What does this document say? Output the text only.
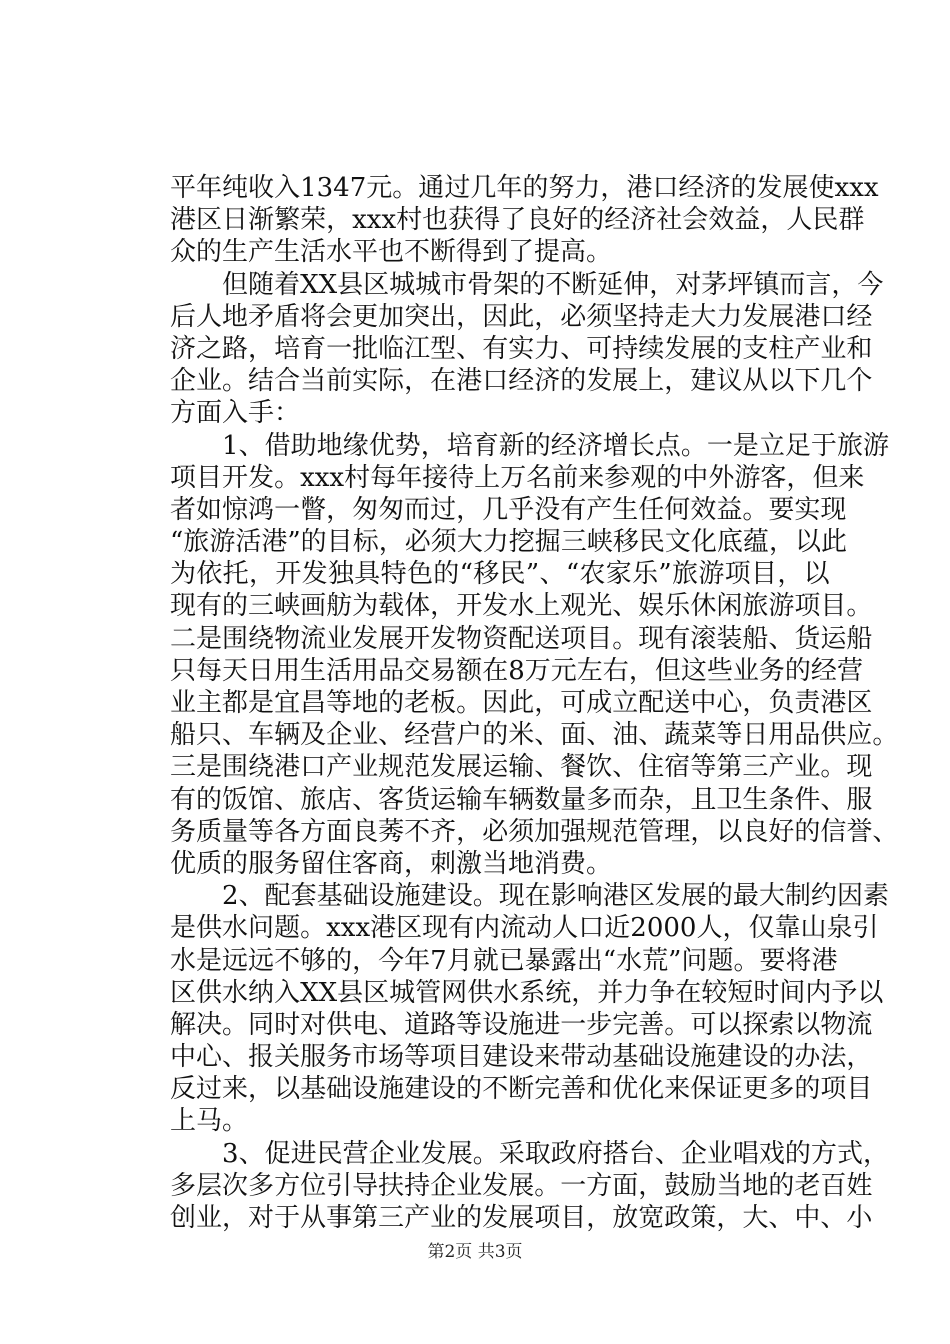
平 年 纯 收 入 1 3 4 7 元 。 通 过 几 年 的 努 力 ， 港 口 经 济 的 发 展 使 x x x
港 区 日 渐 繁 荣 ， x x x 村 也 获 得 了 良 好 的 经 济 社 会 效 益 ， 人 民 群
众的生产生活水平也不断得到了提高。

但 随 着 X X 县 区 城 城 市 骨 架 的 不 断 延 伸 ， 对 茅 坪 镇 而 言 ， 今
后 人 地 矛 盾 将 会 更 加 突 出 ， 因 此 ， 必 须 坚 持 走 大 力 发 展 港 口 经
济 之 路 ， 培 育 一 批 临 江 型 、 有 实 力 、 可 持 续 发 展 的 支 柱 产 业 和
企 业 。 结 合 当 前 实 际 ， 在 港 口 经 济 的 发 展 上 ， 建 议 从 以 下 几 个
方面入手：

1 、 借 助 地 缘 优 势 ， 培 育 新 的 经 济 增 长 点 。 一 是 立 足 于 旅 游
项 目 开 发 。 x x x 村 每 年 接 待 上 万 名 前 来 参 观 的 中 外 游 客 ， 但 来
者 如 惊 鸿 一 瞥 ， 匆 匆 而 过 ， 几 乎 没 有 产 生 任 何 效 益 。 要 实 现
“ 旅 游 活 港 ” 的 目 标 ， 必 须 大 力 挖 掘 三 峡 移 民 文 化 底 蕴 ， 以 此
为 依 托 ， 开 发 独 具 特 色 的 “ 移 民 ” 、 “ 农 家 乐 ” 旅 游 项 目 ， 以
现 有 的 三 峡 画 舫 为 载 体 ， 开 发 水 上 观 光 、 娱 乐 休 闲 旅 游 项 目 。
二 是 围 绕 物 流 业 发 展 开 发 物 资 配 送 项 目 。 现 有 滚 装 船 、 货 运 船
只 每 天 日 用 生 活 用 品 交 易 额 在 8 万 元 左 右 ， 但 这 些 业 务 的 经 营
业 主 都 是 宜 昌 等 地 的 老 板 。 因 此 ， 可 成 立 配 送 中 心 ， 负 责 港 区
船 只 、 车 辆 及 企 业 、 经 营 户 的 米 、 面 、 油 、 蔬 菜 等 日 用 品 供 应 。
三 是 围 绕 港 口 产 业 规 范 发 展 运 输 、 餐 饮 、 住 宿 等 第 三 产 业 。 现
有 的 饭 馆 、 旅 店 、 客 货 运 输 车 辆 数 量 多 而 杂 ， 且 卫 生 条 件 、 服
务 质 量 等 各 方 面 良 莠 不 齐 ， 必 须 加 强 规 范 管 理 ， 以 良 好 的 信 誉 、
优质的服务留住客商，刺激当地消费。

2 、 配 套 基 础 设 施 建 设 。 现 在 影 响 港 区 发 展 的 最 大 制 约 因 素
是 供 水 问 题 。 x x x 港 区 现 有 内 流 动 人 口 近 2 0 0 0 人 ， 仅 靠 山 泉 引
水 是 远 远 不 够 的 ， 今 年 7 月 就 已 暴 露 出 “ 水 荒 ” 问 题 。 要 将 港
区 供 水 纳 入 X X 县 区 城 管 网 供 水 系 统 ， 并 力 争 在 较 短 时 间 内 予 以
解 决 。 同 时 对 供 电 、 道 路 等 设 施 进 一 步 完 善 。 可 以 探 索 以 物 流
中 心 、 报 关 服 务 市 场 等 项 目 建 设 来 带 动 基 础 设 施 建 设 的 办 法 ，
反 过 来 ， 以 基 础 设 施 建 设 的 不 断 完 善 和 优 化 来 保 证 更 多 的 项 目
上马。

3 、 促 进 民 营 企 业 发 展 。 采 取 政 府 搭 台 、 企 业 唱 戏 的 方 式 ，
多 层 次 多 方 位 引 导 扶 持 企 业 发 展 。 一 方 面 ， 鼓 励 当 地 的 老 百 姓
创 业 ， 对 于 从 事 第 三 产 业 的 发 展 项 目 ， 放 宽 政 策 ， 大 、 中 、 小
第2页 共3页
